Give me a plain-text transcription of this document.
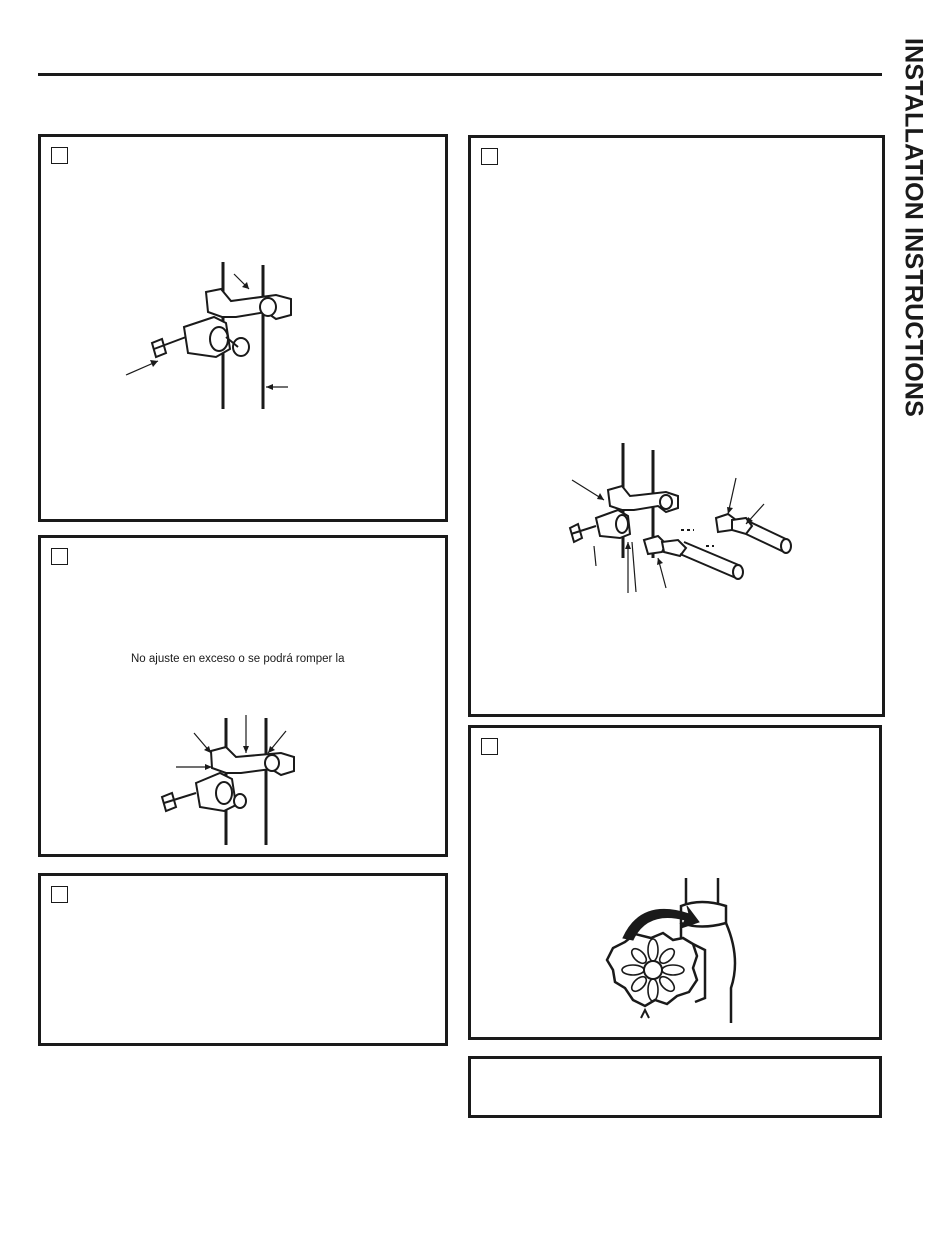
INSTALLATION INSTRUCTIONS
No ajuste en exceso o se podrá romper la
